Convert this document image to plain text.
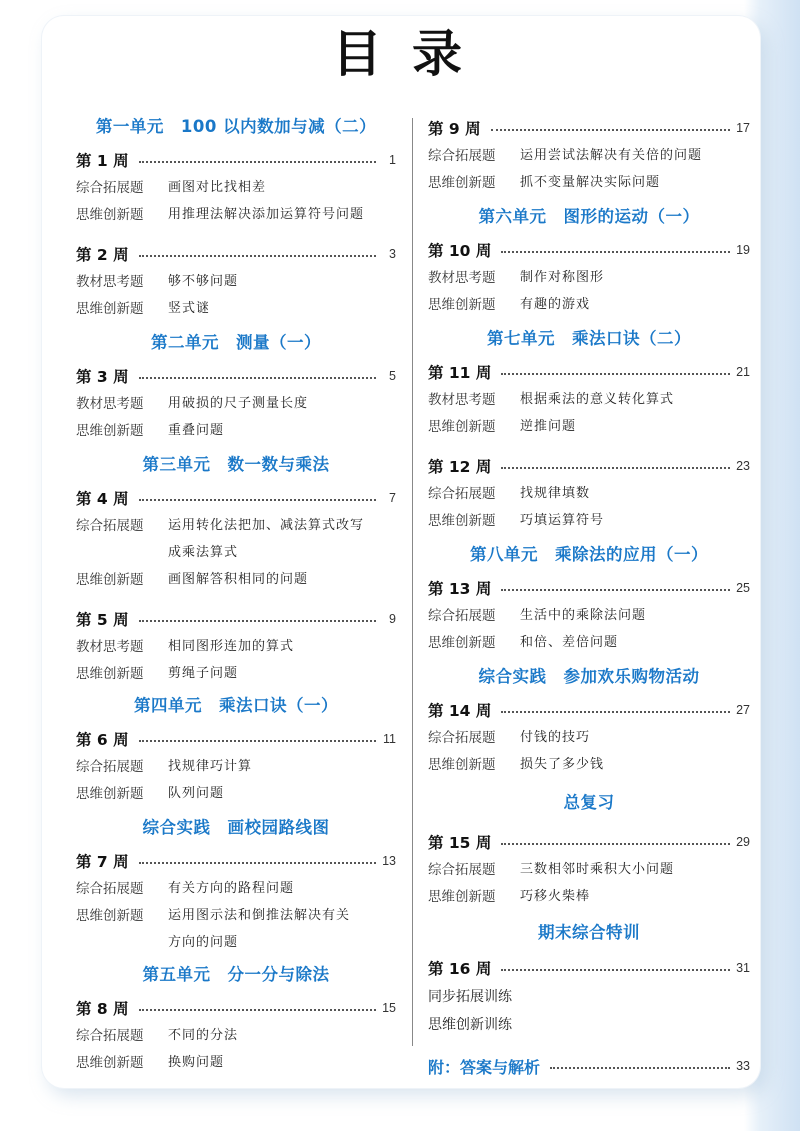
目录
第一单元　100 以内数加与减（二）
第 1 周	1
综合拓展题	画图对比找相差
思维创新题	用推理法解决添加运算符号问题
第 2 周	3
教材思考题	够不够问题
思维创新题	竖式谜
第二单元　测量（一）
第 3 周	5
教材思考题	用破损的尺子测量长度
思维创新题	重叠问题
第三单元　数一数与乘法
第 4 周	7
综合拓展题	运用转化法把加、减法算式改写
成乘法算式
思维创新题	画图解答积相同的问题
第 5 周	9
教材思考题	相同图形连加的算式
思维创新题	剪绳子问题
第四单元　乘法口诀（一）
第 6 周	11
综合拓展题	找规律巧计算
思维创新题	队列问题
综合实践　画校园路线图
第 7 周	13
综合拓展题	有关方向的路程问题
思维创新题	运用图示法和倒推法解决有关
方向的问题
第五单元　分一分与除法
第 8 周	15
综合拓展题	不同的分法
思维创新题	换购问题
第 9 周	17
综合拓展题	运用尝试法解决有关倍的问题
思维创新题	抓不变量解决实际问题
第六单元　图形的运动（一）
第 10 周	19
教材思考题	制作对称图形
思维创新题	有趣的游戏
第七单元　乘法口诀（二）
第 11 周	21
教材思考题	根据乘法的意义转化算式
思维创新题	逆推问题
第 12 周	23
综合拓展题	找规律填数
思维创新题	巧填运算符号
第八单元　乘除法的应用（一）
第 13 周	25
综合拓展题	生活中的乘除法问题
思维创新题	和倍、差倍问题
综合实践　参加欢乐购物活动
第 14 周	27
综合拓展题	付钱的技巧
思维创新题	损失了多少钱
总复习
第 15 周	29
综合拓展题	三数相邻时乘积大小问题
思维创新题	巧移火柴棒
期末综合特训
第 16 周	31
同步拓展训练
思维创新训练
附：答案与解析	33
